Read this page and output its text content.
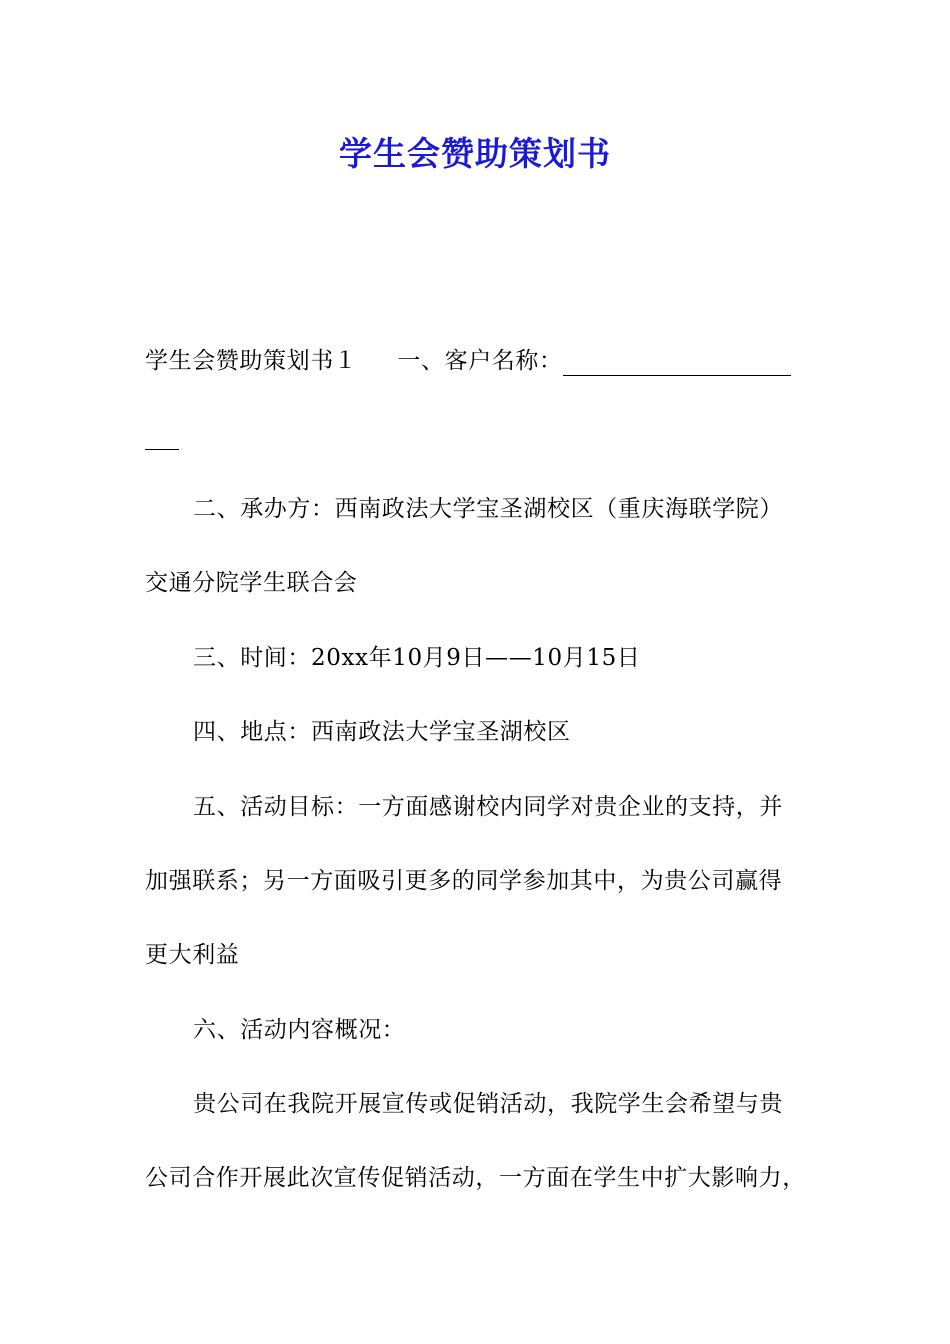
学生会赞助策划书
学生会赞助策划书１ 一、客户名称：
二、承办方：西南政法大学宝圣湖校区（重庆海联学院）
交通分院学生联合会
三、时间：20xx年10月9日——10月15日
四、地点：西南政法大学宝圣湖校区
五、活动目标：一方面感谢校内同学对贵企业的支持，并
加强联系；另一方面吸引更多的同学参加其中，为贵公司赢得
更大利益
六、活动内容概况：
贵公司在我院开展宣传或促销活动，我院学生会希望与贵
公司合作开展此次宣传促销活动，一方面在学生中扩大影响力，
